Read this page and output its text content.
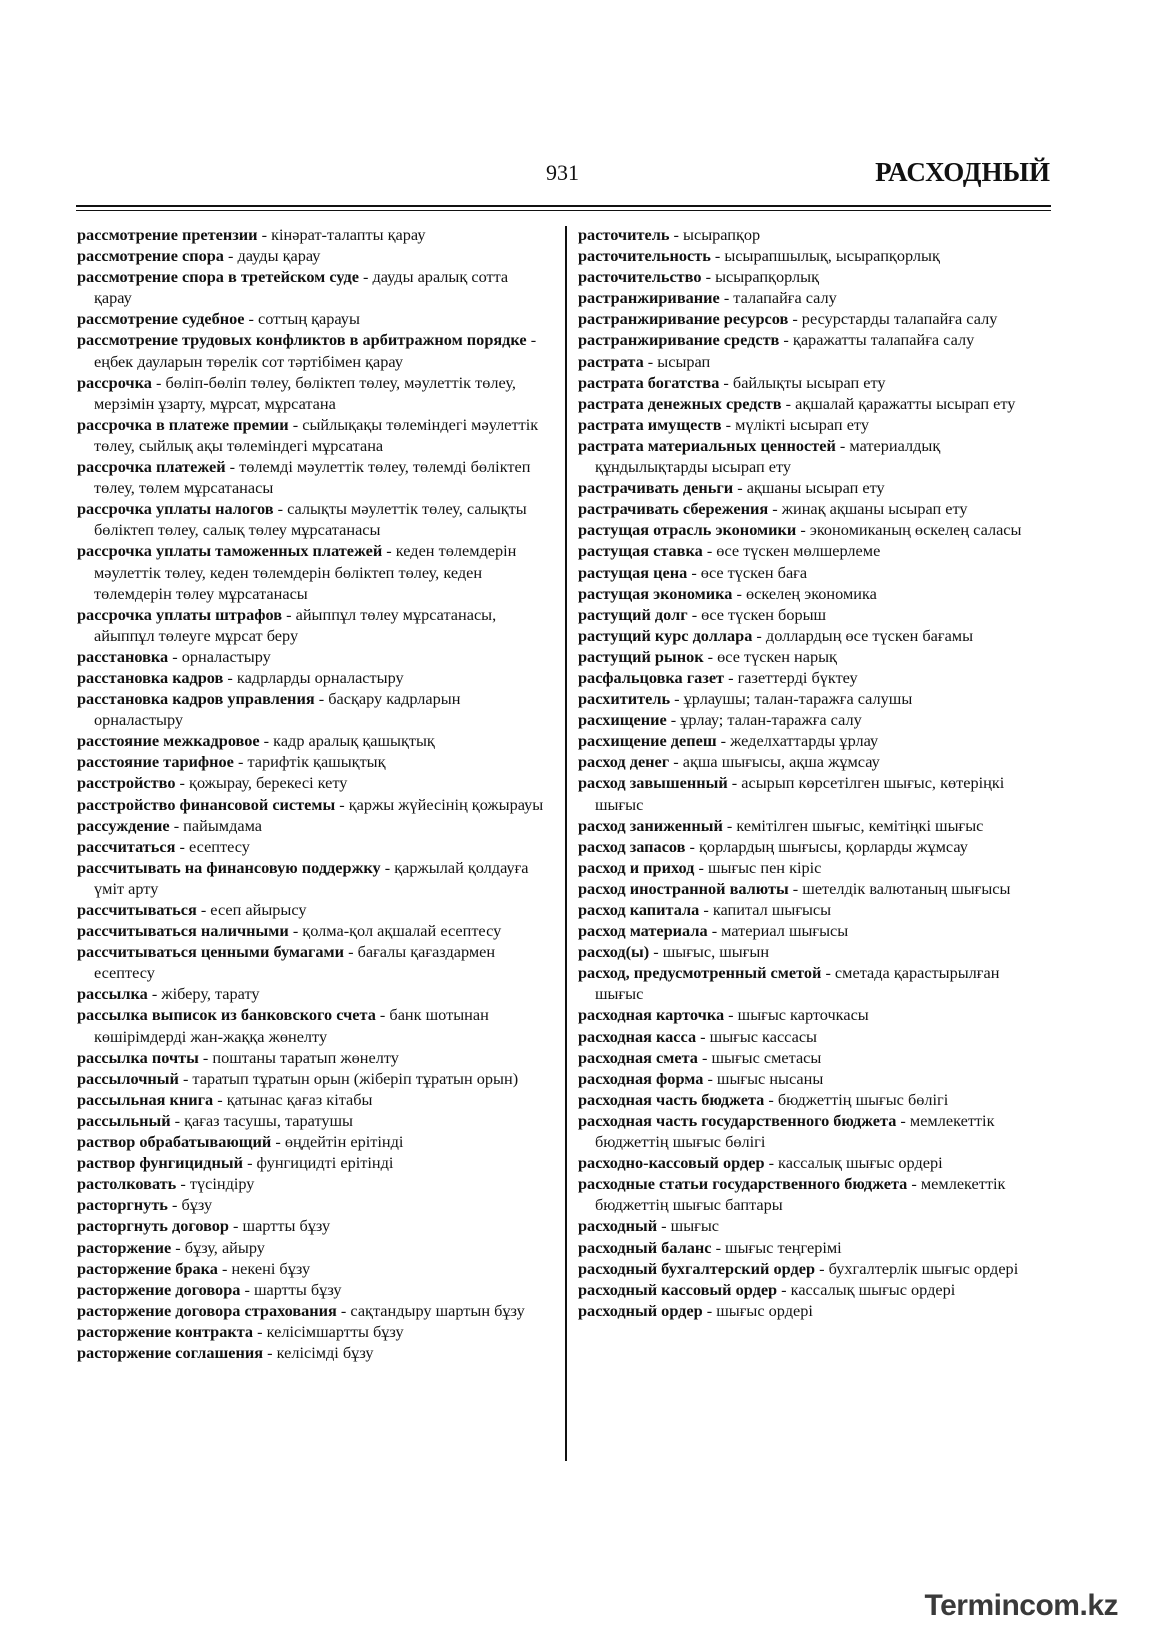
931	РАСХОДНЫЙ
рассмотрение претензии - кінәрат-талапты қарау
рассмотрение спора - дауды қарау
рассмотрение спора в третейском суде - дауды аралық сотта қарау
рассмотрение судебное - соттың қарауы
рассмотрение трудовых конфликтов в арбитражном порядке - еңбек дауларын төрелік сот тәртібімен қарау
рассрочка - бөліп-бөліп төлеу, бөліктеп төлеу, мәулеттік төлеу, мерзімін ұзарту, мұрсат, мұрсатана
рассрочка в платеже премии - сыйлықақы төлеміндегі мәулеттік төлеу, сыйлық ақы төлеміндегі мұрсатана
рассрочка платежей - төлемді мәулеттік төлеу, төлемді бөліктеп төлеу, төлем мұрсатанасы
рассрочка уплаты налогов - салықты мәулеттік төлеу, салықты бөліктеп төлеу, салық төлеу мұрсатанасы
рассрочка уплаты таможенных платежей - кеден төлемдерін мәулеттік төлеу, кеден төлемдерін бөліктеп төлеу, кеден төлемдерін төлеу мұрсатанасы
рассрочка уплаты штрафов - айыппұл төлеу мұрсатанасы, айыппұл төлеуге мұрсат беру
расстановка - орналастыру
расстановка кадров - кадрларды орналастыру
расстановка кадров управления - басқару кадрларын орналастыру
расстояние межкадровое - кадр аралық қашықтық
расстояние тарифное - тарифтік қашықтық
расстройство - қожырау, берекесі кету
расстройство финансовой системы - қаржы жүйесінің қожырауы
рассуждение - пайымдама
рассчитаться - есептесу
рассчитывать на финансовую поддержку - қаржылай қолдауға үміт арту
рассчитываться - есеп айырысу
рассчитываться наличными - қолма-қол ақшалай есептесу
рассчитываться ценными бумагами - бағалы қағаздармен есептесу
рассылка - жіберу, тарату
рассылка выписок из банковского счета - банк шотынан көшірімдерді жан-жаққа жөнелту
рассылка почты - поштаны таратып жөнелту
рассылочный - таратып тұратын орын (жіберіп тұратын орын)
рассыльная книга - қатынас қағаз кітабы
рассыльный - қағаз тасушы, таратушы
раствор обрабатывающий - өңдейтін ерітінді
раствор фунгицидный - фунгицидті ерітінді
растолковать - түсіндіру
расторгнуть - бұзу
расторгнуть договор - шартты бұзу
расторжение - бұзу, айыру
расторжение брака - некені бұзу
расторжение договора - шартты бұзу
расторжение договора страхования - сақтандыру шартын бұзу
расторжение контракта - келісімшартты бұзу
расторжение соглашения - келісімді бұзу
расточитель - ысырапқор
расточительность - ысырапшылық, ысырапқорлық
расточительство - ысырапқорлық
растранжиривание - талапайға салу
растранжиривание ресурсов - ресурстарды талапайға салу
растранжиривание средств - қаражатты талапайға салу
растрата - ысырап
растрата богатства - байлықты ысырап ету
растрата денежных средств - ақшалай қаражатты ысырап ету
растрата имуществ - мүлікті ысырап ету
растрата материальных ценностей - материалдық құндылықтарды ысырап ету
растрачивать деньги - ақшаны ысырап ету
растрачивать сбережения - жинақ ақшаны ысырап ету
растущая отрасль экономики - экономиканың өскелең саласы
растущая ставка - өсе түскен мөлшерлеме
растущая цена - өсе түскен баға
растущая экономика - өскелең экономика
растущий долг - өсе түскен борыш
растущий курс доллара - доллардың өсе түскен бағамы
растущий рынок - өсе түскен нарық
расфальцовка газет - газеттерді бүктеу
расхититель - ұрлаушы; талан-таражға салушы
расхищение - ұрлау; талан-таражға салу
расхищение депеш - жеделхаттарды ұрлау
расход денег - ақша шығысы, ақша жұмсау
расход завышенный - асырып көрсетілген шығыс, көтеріңкі шығыс
расход заниженный - кемітілген шығыс, кемітіңкі шығыс
расход запасов - қорлардың шығысы, қорларды жұмсау
расход и приход - шығыс пен кіріс
расход иностранной валюты - шетелдік валютаның шығысы
расход капитала - капитал шығысы
расход материала - материал шығысы
расход(ы) - шығыс, шығын
расход, предусмотренный сметой - сметада қарастырылған шығыс
расходная карточка - шығыс карточкасы
расходная касса - шығыс кассасы
расходная смета - шығыс сметасы
расходная форма - шығыс нысаны
расходная часть бюджета - бюджеттің шығыс бөлігі
расходная часть государственного бюджета - мемлекеттік бюджеттің шығыс бөлігі
расходно-кассовый ордер - кассалық шығыс ордері
расходные статьи государственного бюджета - мемлекеттік бюджеттің шығыс баптары
расходный - шығыс
расходный баланс - шығыс теңгерімі
расходный бухгалтерский ордер - бухгалтерлік шығыс ордері
расходный кассовый ордер - кассалық шығыс ордері
расходный ордер - шығыс ордері
Termincom.kz
